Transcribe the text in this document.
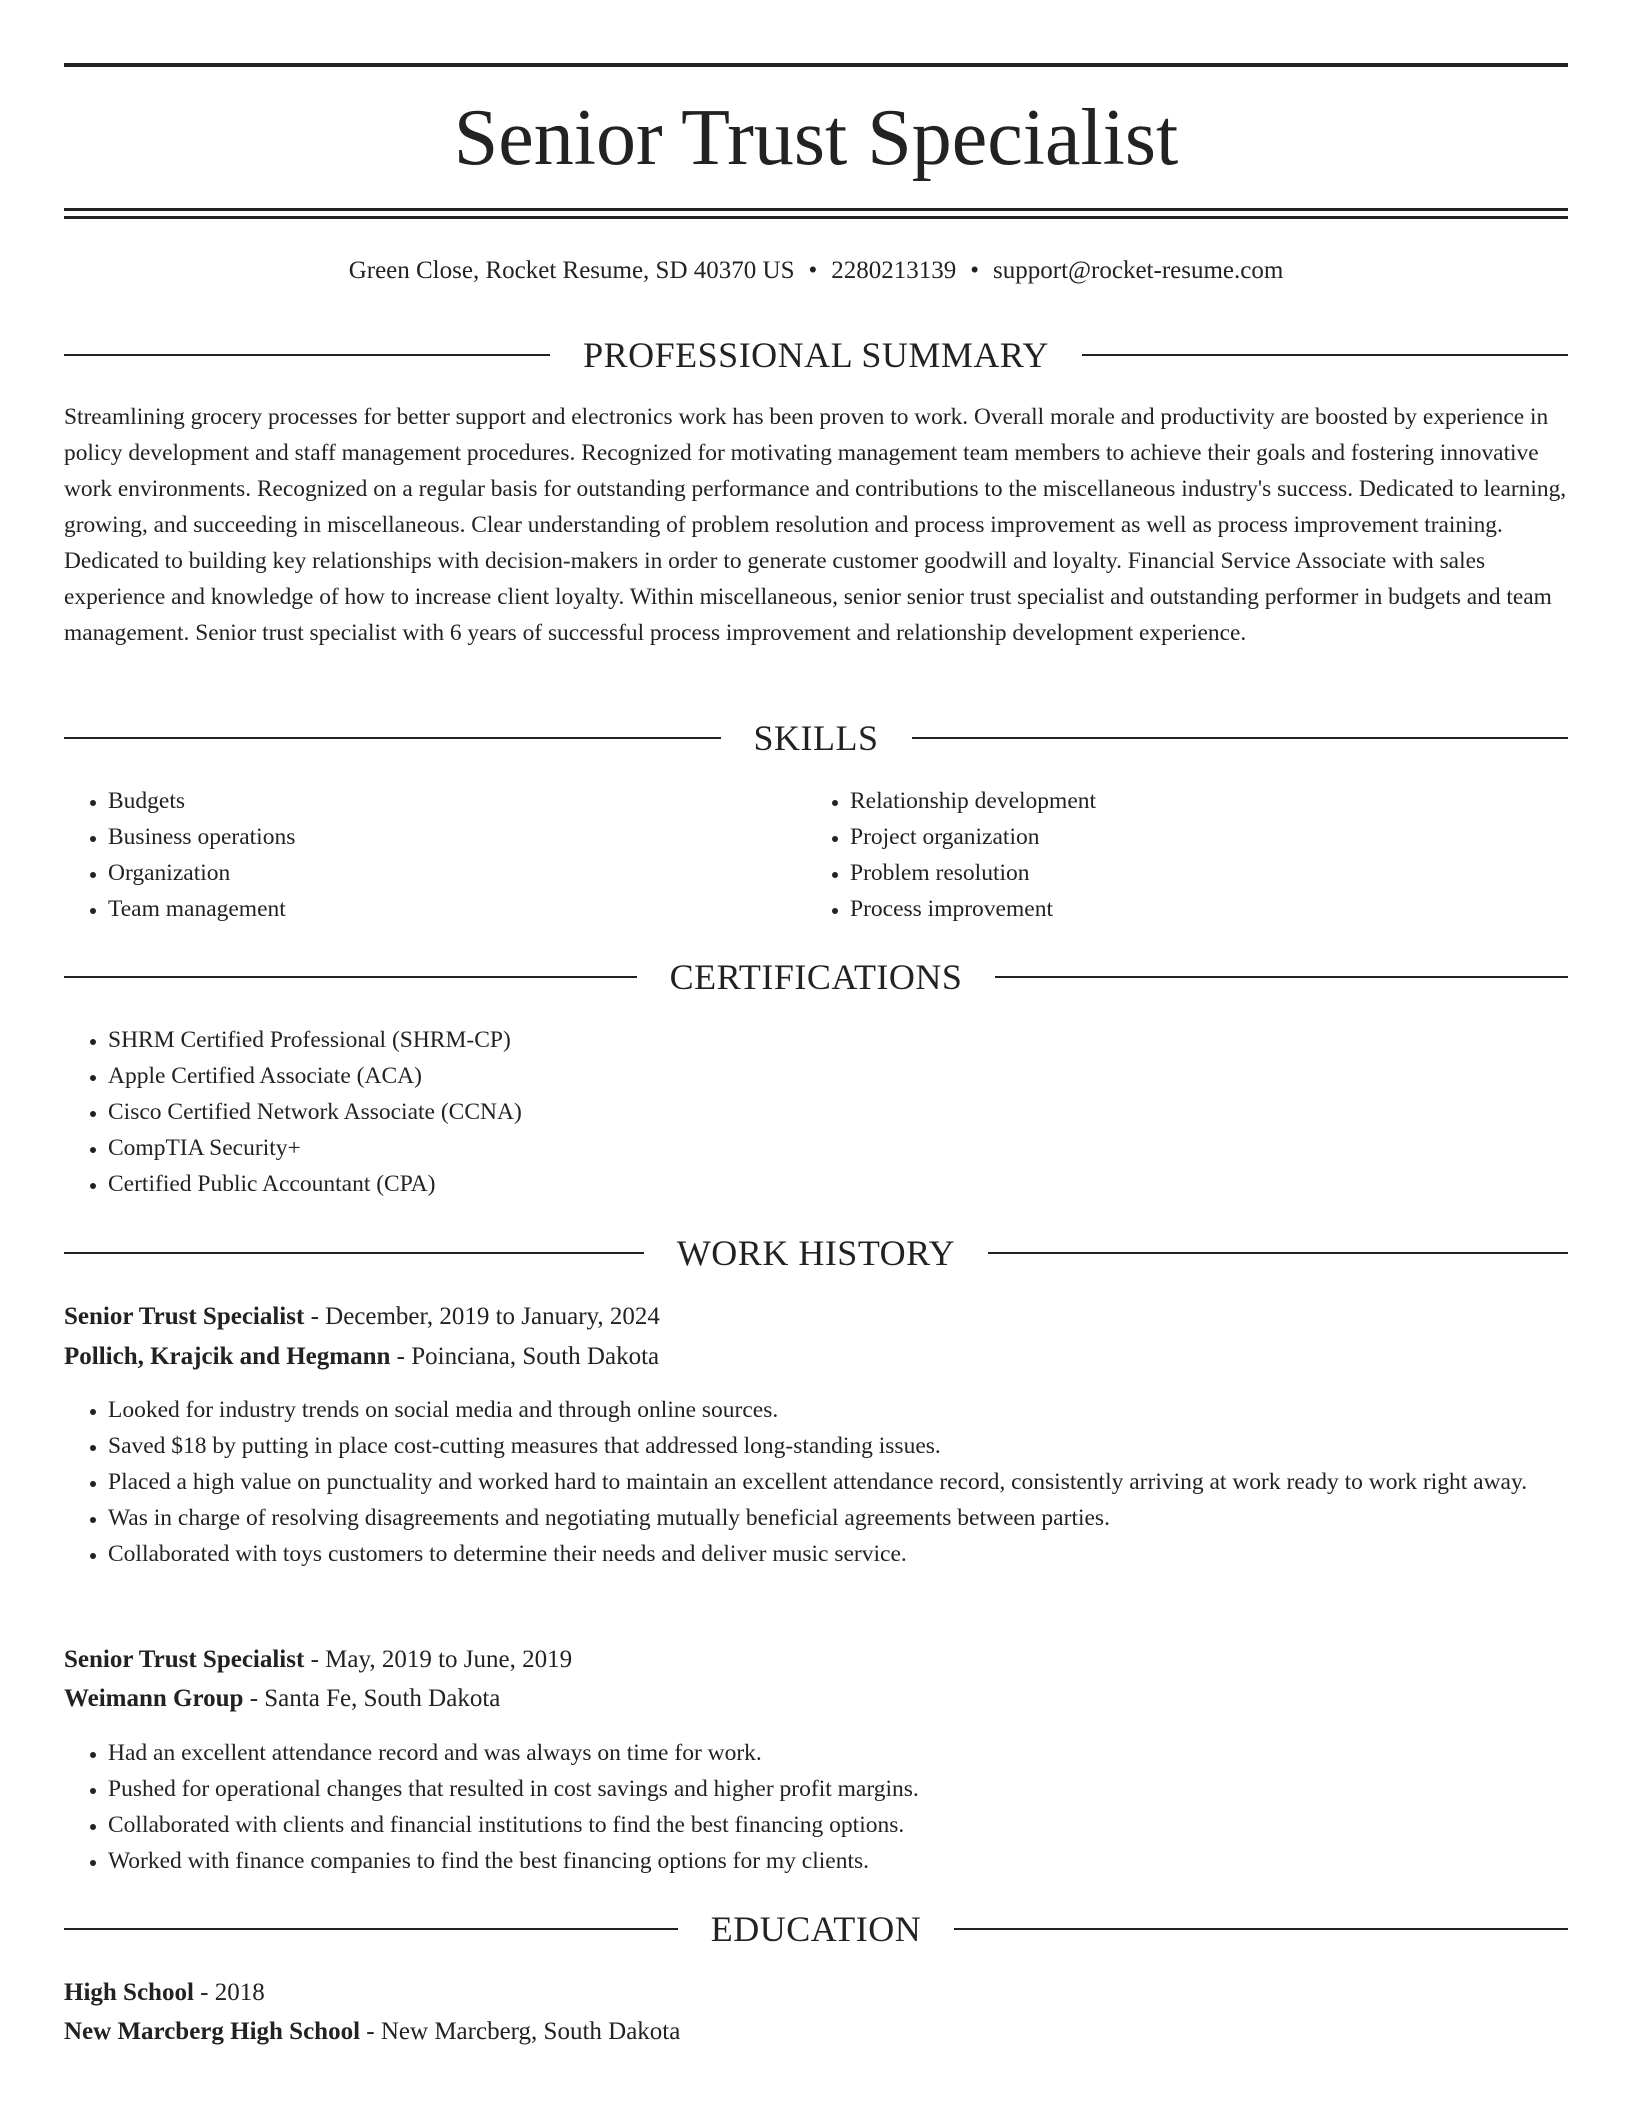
Senior Trust Specialist
Green Close, Rocket Resume, SD 40370 US • 2280213139 • support@rocket-resume.com
PROFESSIONAL SUMMARY

Streamlining grocery processes for better support and electronics work has been proven to work. Overall morale and productivity are boosted by experience in policy development and staff management procedures. Recognized for motivating management team members to achieve their goals and fostering innovative work environments. Recognized on a regular basis for outstanding performance and contributions to the miscellaneous industry's success. Dedicated to learning, growing, and succeeding in miscellaneous. Clear understanding of problem resolution and process improvement as well as process improvement training. Dedicated to building key relationships with decision-makers in order to generate customer goodwill and loyalty. Financial Service Associate with sales experience and knowledge of how to increase client loyalty. Within miscellaneous, senior senior trust specialist and outstanding performer in budgets and team management. Senior trust specialist with 6 years of successful process improvement and relationship development experience.

SKILLS
• Budgets
• Business operations
• Organization
• Team management
• Relationship development
• Project organization
• Problem resolution
• Process improvement
CERTIFICATIONS
• SHRM Certified Professional (SHRM-CP)
• Apple Certified Associate (ACA)
• Cisco Certified Network Associate (CCNA)
• CompTIA Security+
• Certified Public Accountant (CPA)
WORK HISTORY
Senior Trust Specialist - December, 2019 to January, 2024
Pollich, Krajcik and Hegmann - Poinciana, South Dakota
• Looked for industry trends on social media and through online sources.
• Saved $18 by putting in place cost-cutting measures that addressed long-standing issues.
• Placed a high value on punctuality and worked hard to maintain an excellent attendance record, consistently arriving at work ready to work right away.
• Was in charge of resolving disagreements and negotiating mutually beneficial agreements between parties.
• Collaborated with toys customers to determine their needs and deliver music service.
Senior Trust Specialist - May, 2019 to June, 2019
Weimann Group - Santa Fe, South Dakota
• Had an excellent attendance record and was always on time for work.
• Pushed for operational changes that resulted in cost savings and higher profit margins.
• Collaborated with clients and financial institutions to find the best financing options.
• Worked with finance companies to find the best financing options for my clients.
EDUCATION
High School - 2018
New Marcberg High School - New Marcberg, South Dakota
